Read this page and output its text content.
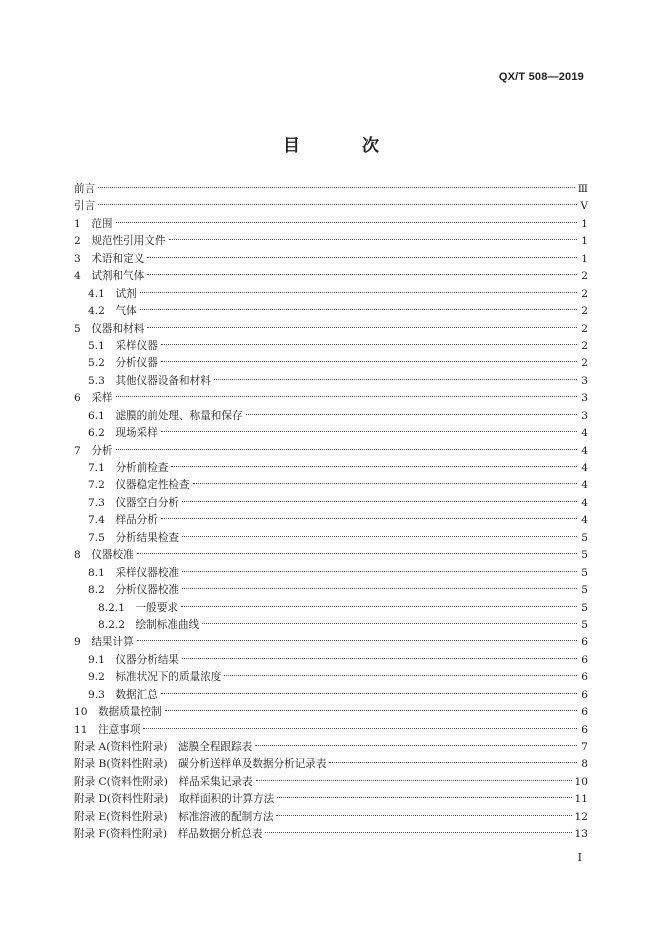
QX/T 508—2019
目 次
前言	Ⅲ
引言	Ⅴ
1　范围	1
2　规范性引用文件	1
3　术语和定义	1
4　试剂和气体	2
4.1　试剂	2
4.2　气体	2
5　仪器和材料	2
5.1　采样仪器	2
5.2　分析仪器	2
5.3　其他仪器设备和材料	3
6　采样	3
6.1　滤膜的前处理、称量和保存	3
6.2　现场采样	4
7　分析	4
7.1　分析前检查	4
7.2　仪器稳定性检查	4
7.3　仪器空白分析	4
7.4　样品分析	4
7.5　分析结果检查	5
8　仪器校准	5
8.1　采样仪器校准	5
8.2　分析仪器校准	5
8.2.1　一般要求	5
8.2.2　绘制标准曲线	5
9　结果计算	6
9.1　仪器分析结果	6
9.2　标准状况下的质量浓度	6
9.3　数据汇总	6
10　数据质量控制	6
11　注意事项	6
附录 A(资料性附录)　滤膜全程跟踪表	7
附录 B(资料性附录)　碳分析送样单及数据分析记录表	8
附录 C(资料性附录)　样品采集记录表	10
附录 D(资料性附录)　取样面积的计算方法	11
附录 E(资料性附录)　标准溶液的配制方法	12
附录 F(资料性附录)　样品数据分析总表	13
Ⅰ
